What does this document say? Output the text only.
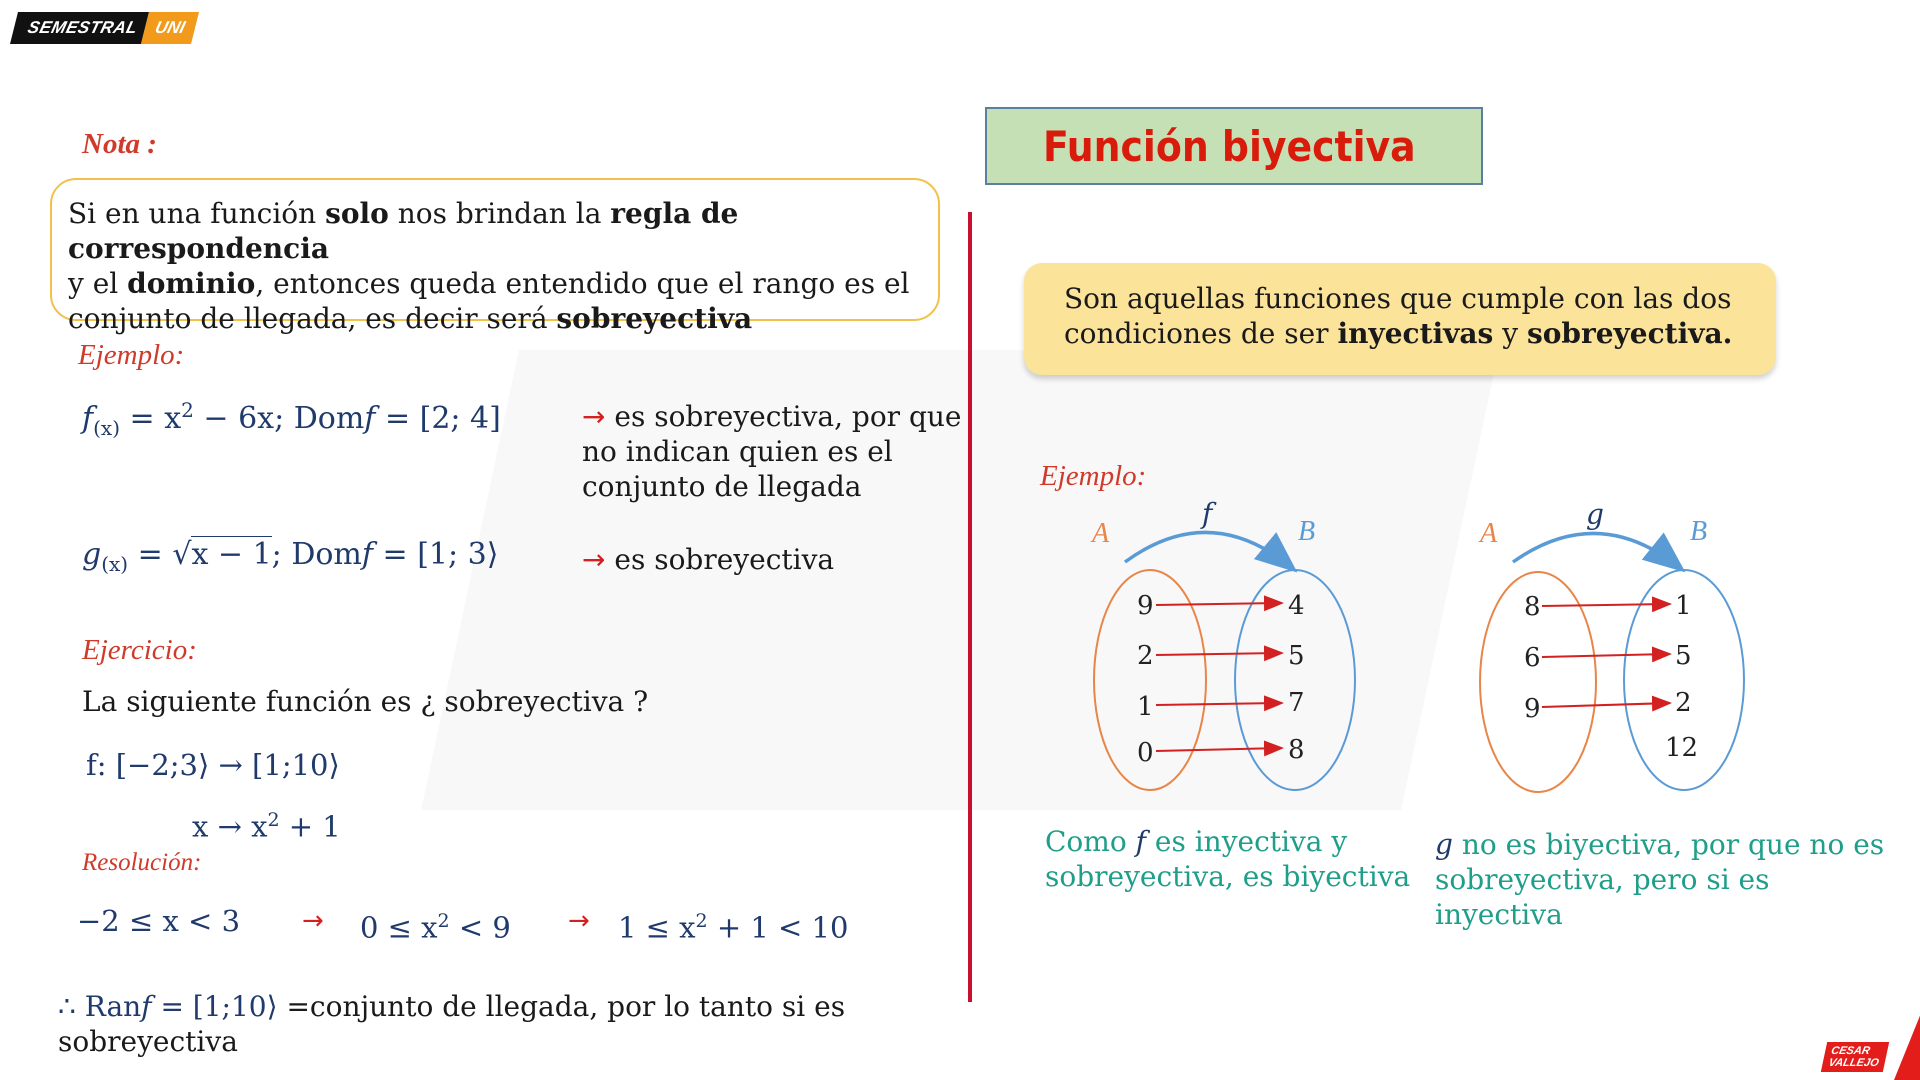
SEMESTRAL UNI
Nota :
Si en una función solo nos brindan la regla de correspondencia
y el dominio, entonces queda entendido que el rango es el
conjunto de llegada, es decir será sobreyectiva
Ejemplo:
$f_{(x)} = x^2 - 6x$; Domf = [2; 4]	→ es sobreyectiva, por que
no indican quien es el
conjunto de llegada
$g_{(x)} = √x - 1$; Domf = [1; 3⟩	→ es sobreyectiva
Ejercicio:
La siguiente función es ¿ sobreyectiva ?
f: [−2;3⟩ → [1;10⟩
$x \to x^2 + 1$
Resolución:
$-2 \le x < 3 \to 0 \le x^2 < 9 \to 1 \le x^2 + 1 < 10$
∴ Ranf = [1;10⟩ =conjunto de llegada, por lo tanto si es
sobreyectiva
Función biyectiva
Son aquellas funciones que cumple con las dos
condiciones de ser inyectivas y sobreyectiva.
Ejemplo:
f
A	B
9
2
1
0
4
5
7
8
g
A	B
8
6
9
1
5
2
12
Como f es inyectiva y
sobreyectiva, es biyectiva
g no es biyectiva, por que no es
sobreyectiva, pero si es
inyectiva
CESAR
VALLEJO
